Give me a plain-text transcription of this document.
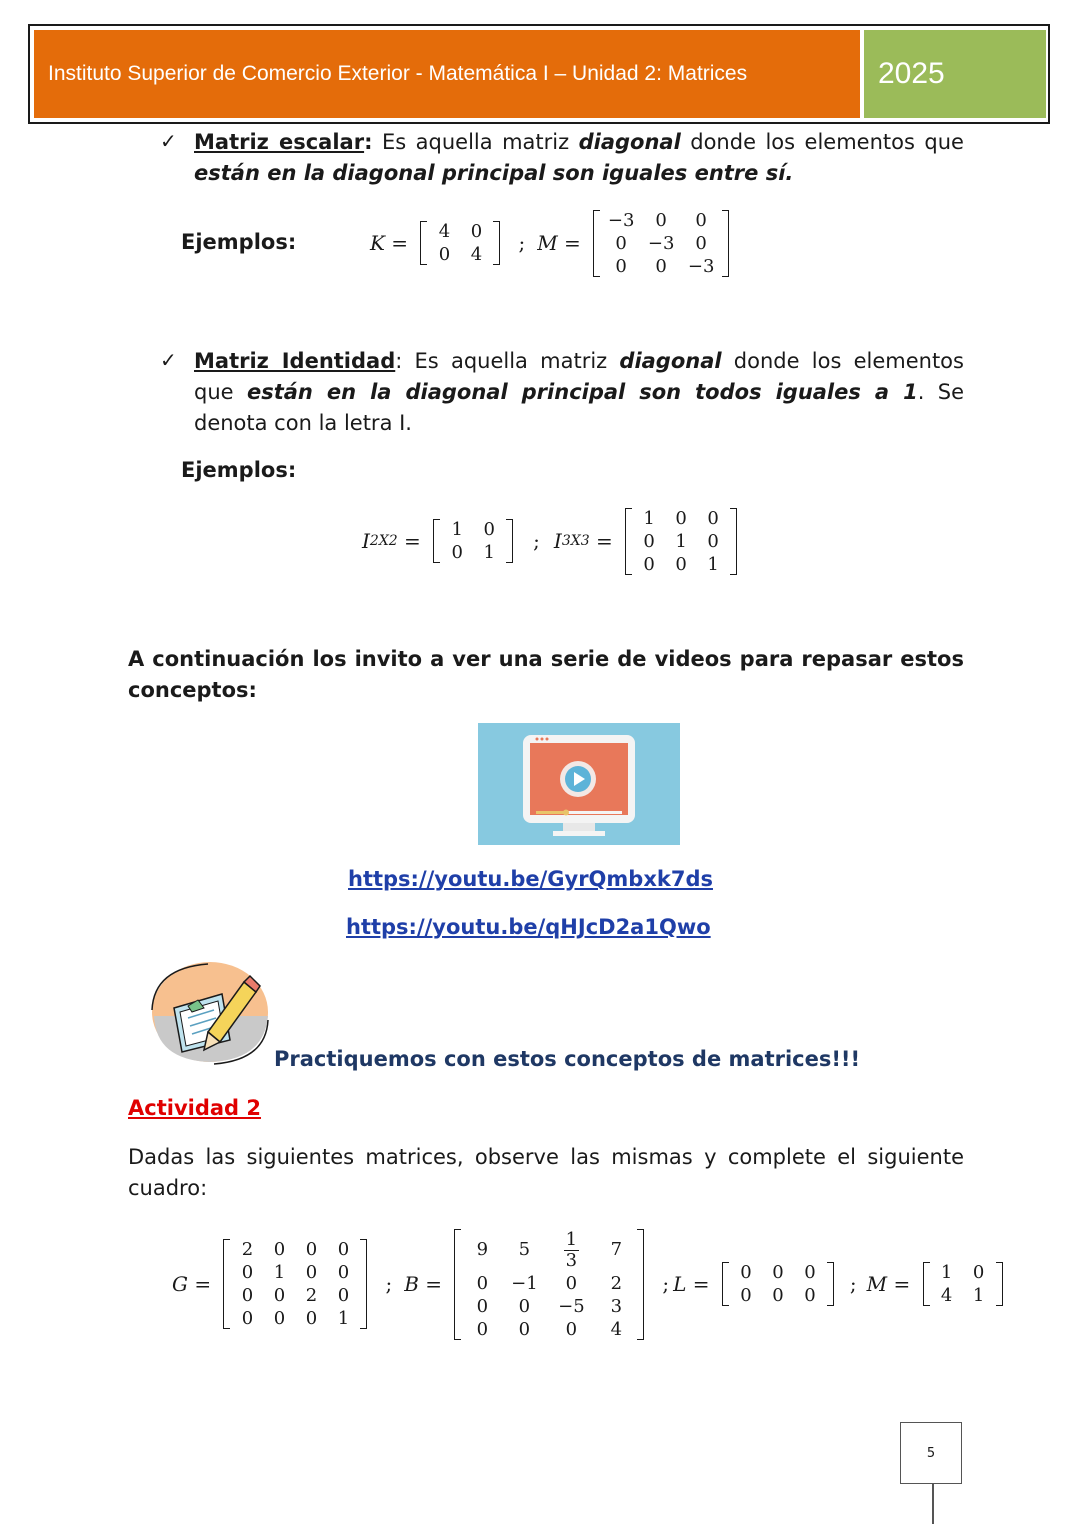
Instituto Superior de Comercio Exterior - Matemática I – Unidad 2: Matrices	2025
✓ Matriz escalar: Es aquella matriz diagonal donde los elementos que están en la diagonal principal son iguales entre sí.
Ejemplos:	K =	4	0
0	4	; M =
−3	0	0
0	−3	0
0	0	−3
✓ Matriz Identidad: Es aquella matriz diagonal donde los elementos que están en la diagonal principal son todos iguales a 1. Se denota con la letra I.
Ejemplos:
I 2X2 =	1	0
0	1	; I 3X3 =
1	0	0
0	1	0
0	0	1
A continuación los invito a ver una serie de videos para repasar estos conceptos:
https://youtu.be/GyrQmbxk7ds
https://youtu.be/qHJcD2a1Qwo
Practiquemos con estos conceptos de matrices!!!
Actividad 2
Dadas las siguientes matrices, observe las mismas y complete el siguiente cuadro:
G =
2	0	0	0
0	1	0	0
0	0	2	0
0	0	0	1
; B =
9	5	$\frac{1}{3}$	7
0	−1	0	2
0	0	−5	3
0	0	0	4
; L =	0	0	0
0	0	0	; M =	1	0
4	1
5
